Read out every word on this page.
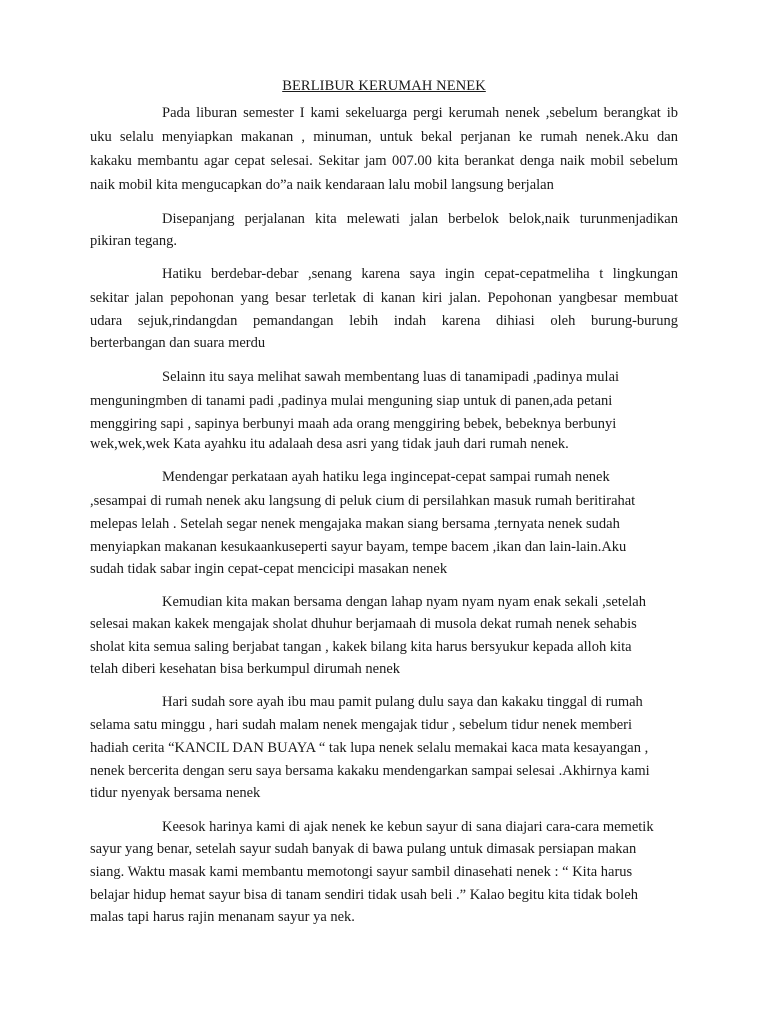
BERLIBUR KERUMAH NENEK
Pada liburan semester I kami sekeluarga pergi kerumah nenek ,sebelum berangkat ib
uku selalu menyiapkan makanan , minuman, untuk bekal perjanan ke rumah nenek.Aku dan
kakaku membantu agar cepat selesai. Sekitar jam 007.00 kita berankat denga naik mobil sebelum
naik mobil kita mengucapkan do”a naik kendaraan lalu mobil langsung berjalan
Disepanjang perjalanan kita melewati jalan berbelok belok,naik turunmenjadikan
pikiran tegang.
Hatiku berdebar-debar ,senang karena saya ingin cepat-cepatmeliha t lingkungan
sekitar jalan pepohonan yang besar terletak di kanan kiri jalan. Pepohonan yangbesar membuat
udara sejuk,rindangdan pemandangan lebih indah karena dihiasi oleh burung-burung
berterbangan dan suara merdu
Selainn itu saya melihat sawah membentang luas di tanamipadi ,padinya mulai
menguningmben di tanami padi ,padinya mulai menguning siap untuk di panen,ada petani
menggiring sapi , sapinya berbunyi maah ada orang menggiring bebek, bebeknya berbunyi
wek,wek,wek Kata ayahku itu adalaah desa asri yang tidak jauh dari rumah nenek.
Mendengar perkataan ayah hatiku lega ingincepat-cepat sampai rumah nenek
,sesampai di rumah nenek aku langsung di peluk cium di persilahkan masuk rumah beritirahat
melepas lelah . Setelah segar nenek mengajaka makan siang bersama ,ternyata nenek sudah
menyiapkan makanan kesukaankuseperti sayur bayam, tempe bacem ,ikan dan lain-lain.Aku
sudah tidak sabar ingin cepat-cepat mencicipi masakan nenek
Kemudian kita makan bersama dengan lahap nyam nyam nyam enak sekali ,setelah
selesai makan kakek mengajak sholat dhuhur berjamaah di musola dekat rumah nenek sehabis
sholat kita semua saling berjabat tangan , kakek bilang kita harus bersyukur kepada alloh kita
telah diberi kesehatan bisa berkumpul dirumah nenek
Hari sudah sore ayah ibu mau pamit pulang dulu saya dan kakaku tinggal di rumah
selama satu minggu , hari sudah malam nenek mengajak tidur , sebelum tidur nenek memberi
hadiah cerita “KANCIL DAN BUAYA “ tak lupa nenek selalu memakai kaca mata kesayangan ,
nenek bercerita dengan seru saya bersama kakaku mendengarkan sampai selesai .Akhirnya kami
tidur nyenyak bersama nenek
Keesok harinya kami di ajak nenek ke kebun sayur di sana diajari cara-cara memetik
sayur yang benar, setelah sayur sudah banyak di bawa pulang untuk dimasak persiapan makan
siang. Waktu masak kami membantu memotongi sayur sambil dinasehati nenek : “ Kita harus
belajar hidup hemat sayur bisa di tanam sendiri tidak usah beli .” Kalao begitu kita tidak boleh
malas tapi harus rajin menanam sayur ya nek.
